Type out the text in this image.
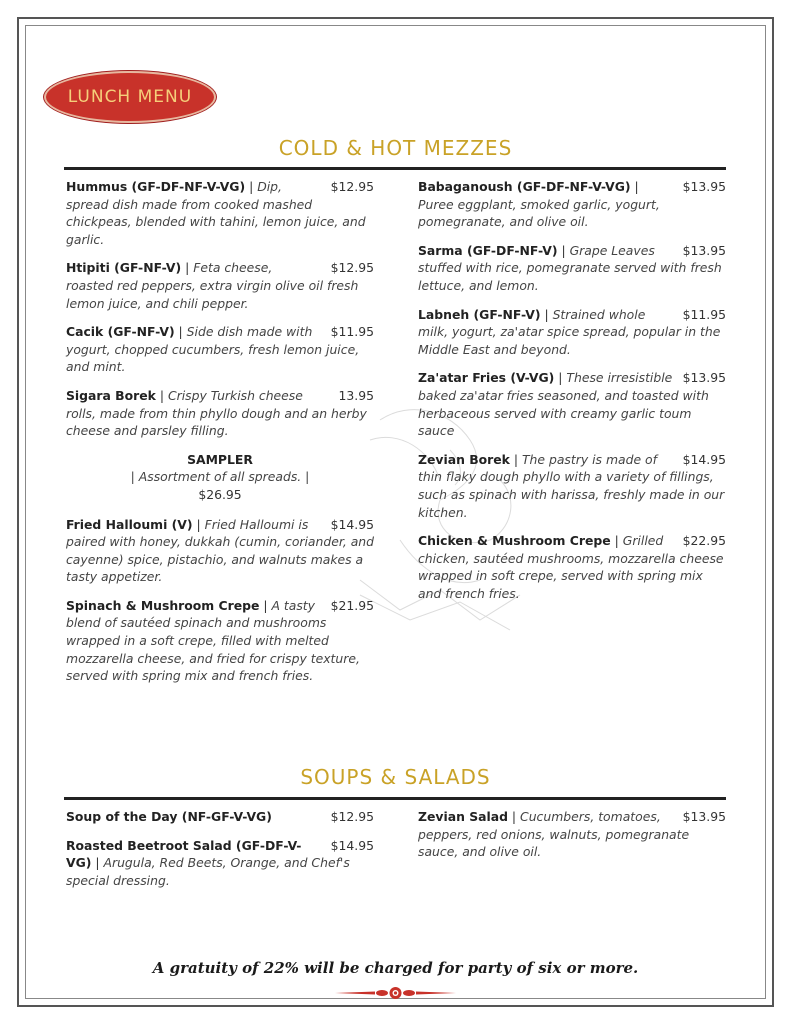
LUNCH MENU
COLD & HOT MEZZES
$12.95
Hummus (GF-DF-NF-V-VG) | Dip, spread dish made from cooked mashed chickpeas, blended with tahini, lemon juice, and garlic.
$12.95
Htipiti (GF-NF-V) | Feta cheese, roasted red peppers, extra virgin olive oil fresh lemon juice, and chili pepper.
$11.95
Cacik (GF-NF-V) | Side dish made with yogurt, chopped cucumbers, fresh lemon juice, and mint.
13.95
Sigara Borek | Crispy Turkish cheese rolls, made from thin phyllo dough and an herby cheese and parsley filling.
SAMPLER
| Assortment of all spreads. |
$26.95
$14.95
Fried Halloumi (V) | Fried Halloumi is paired with honey, dukkah (cumin, coriander, and cayenne) spice, pistachio, and walnuts makes a tasty appetizer.
$21.95
Spinach & Mushroom Crepe | A tasty blend of sautéed spinach and mushrooms wrapped in a soft crepe, filled with melted mozzarella cheese, and fried for crispy texture, served with spring mix and french fries.
$13.95
Babaganoush (GF-DF-NF-V-VG) | Puree eggplant, smoked garlic, yogurt, pomegranate, and olive oil.
$13.95
Sarma (GF-DF-NF-V) | Grape Leaves stuffed with rice, pomegranate served with fresh lettuce, and lemon.
$11.95
Labneh (GF-NF-V) | Strained whole milk, yogurt, za'atar spice spread, popular in the Middle East and beyond.
$13.95
Za'atar Fries (V-VG) | These irresistible baked za'atar fries seasoned, and toasted with herbaceous served with creamy garlic toum sauce
$14.95
Zevian Borek | The pastry is made of thin flaky dough phyllo with a variety of fillings, such as spinach with harissa, freshly made in our kitchen.
$22.95
Chicken & Mushroom Crepe | Grilled chicken, sautéed mushrooms, mozzarella cheese wrapped in soft crepe, served with spring mix and french fries.
SOUPS & SALADS
$12.95
Soup of the Day (NF-GF-V-VG)
$14.95
Roasted Beetroot Salad (GF-DF-V-VG) | Arugula, Red Beets, Orange, and Chef's special dressing.
$13.95
Zevian Salad | Cucumbers, tomatoes, peppers, red onions, walnuts, pomegranate sauce, and olive oil.
A gratuity of 22% will be charged for party of six or more.
